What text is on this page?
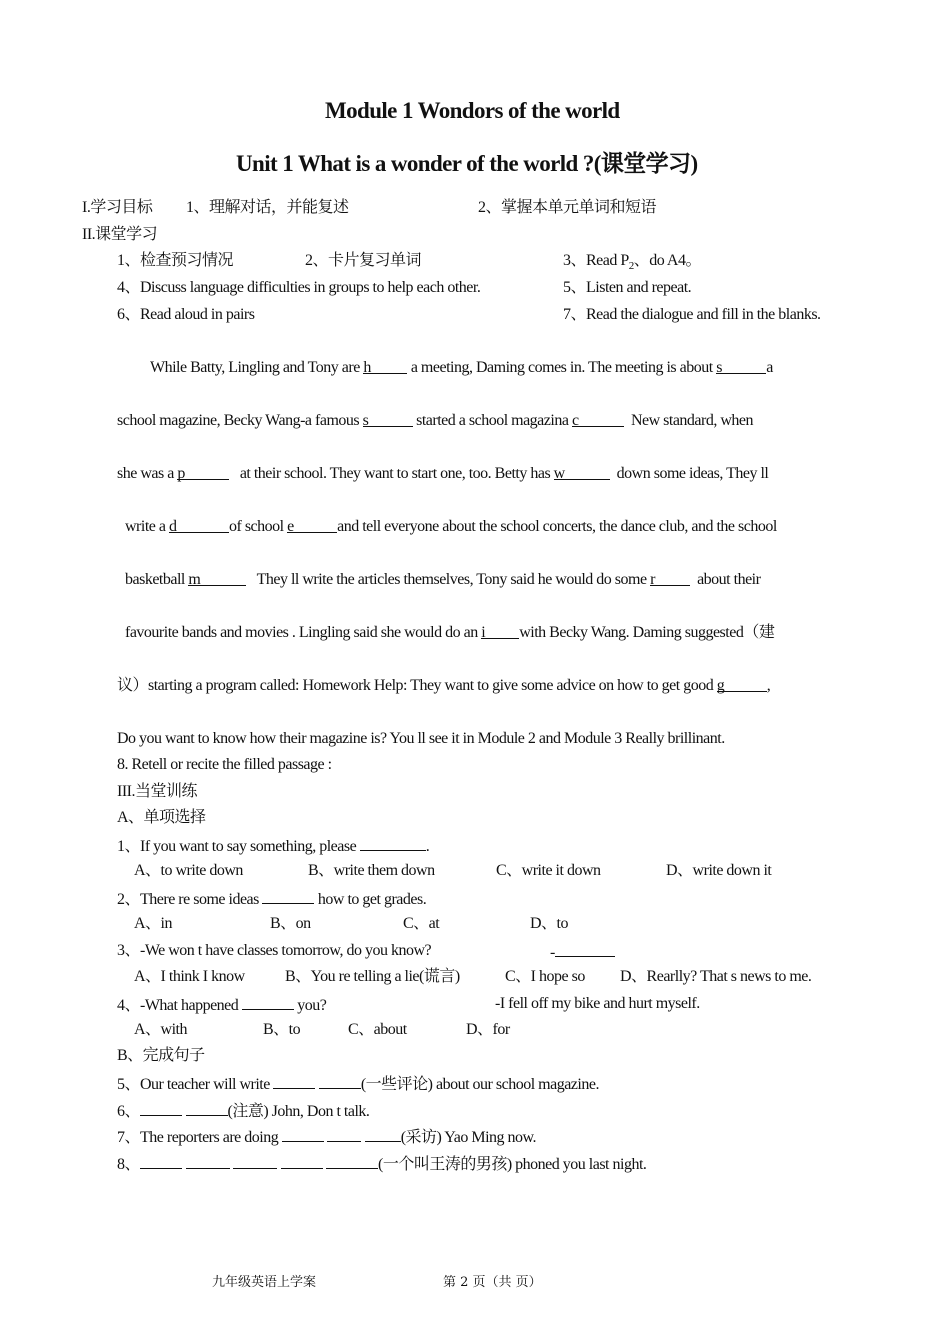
Module 1 Wondors of the world
Unit 1 What is a wonder of the world ?(课堂学习)
I.学习目标 1、理解对话，并能复述	2、掌握本单元单词和短语
II.课堂学习
1、检查预习情况	2、卡片复习单词	3、Read $P_2$、do A4。
4、Discuss language difficulties in groups to help each other.	5、Listen and repeat.
6、Read aloud in pairs	7、Read the dialogue and fill in the blanks.
While Batty, Lingling and Tony are h a meeting, Daming comes in. The meeting is about s	a
school magazine, Becky Wang-a famous s	started a school magazina c	New standard, when
she was a p	at their school. They want to start one, too. Betty has w	down some ideas, They ll
write a d	of school e	and tell everyone about the school concerts, the dance club, and the school
basketball m	They ll write the articles themselves, Tony said he would do some r	about their
favourite bands and movies . Lingling said she would do an i with Becky Wang. Daming suggested（建
议）starting a program called: Homework Help: They want to give some advice on how to get good g	,
Do you want to know how their magazine is? You ll see it in Module 2 and Module 3 Really brillinant.
8. Retell or recite the filled passage :
III.当堂训练
A、单项选择
1、If you want to say something, please	.
A、to write down	B、write them down	C、write it down	D、write down it
2、There re some ideas	how to get grades.
A、in	B、on	C、at	D、to
3、-We won t have classes tomorrow, do you know?	-
A、I think I know	B、You re telling a lie(谎言)	C、I hope so D、Rearlly? That s news to me.
4、-What happened	you?	-I fell off my bike and hurt myself.
A、with	B、to	C、about	D、for
B、完成句子
5、Our teacher will write	(一些评论) about our school magazine.
6、	(注意) John, Don t talk.
7、The reporters are doing	(采访) Yao Ming now.
8、	(一个叫王涛的男孩) phoned you last night.
九年级英语上学案	第 2 页（共 页）
